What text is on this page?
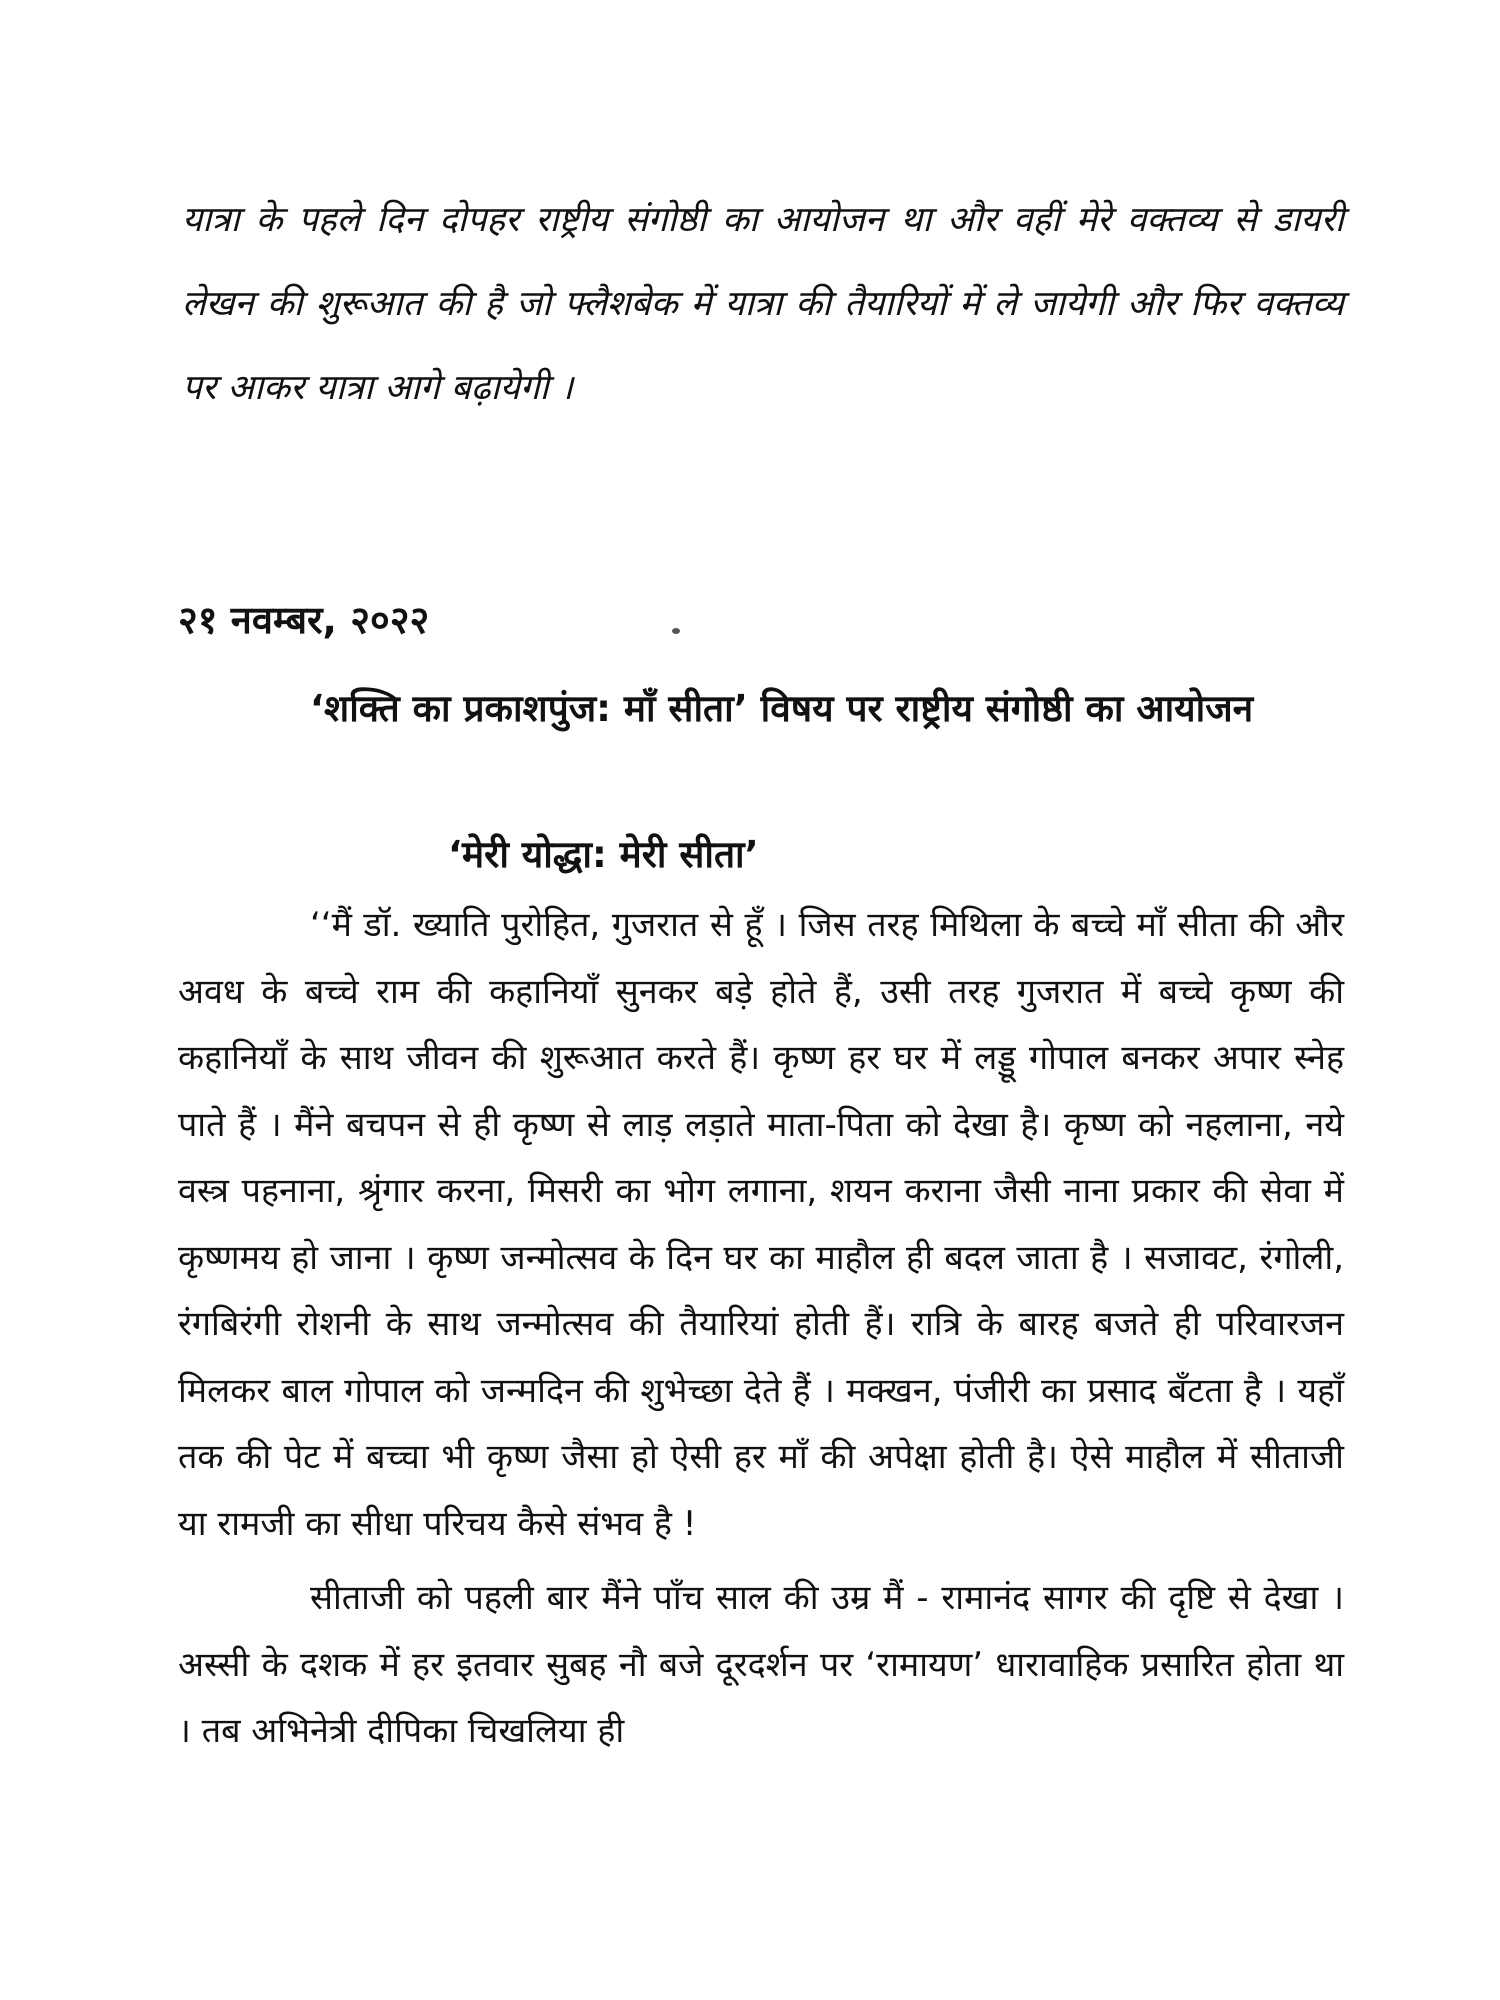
यात्रा के पहले दिन दोपहर राष्ट्रीय संगोष्ठी का आयोजन था और वहीं मेरे वक्तव्य से डायरी लेखन की शुरूआत की है जो फ्लैशबेक में यात्रा की तैयारियों में ले जायेगी और फिर वक्तव्य पर आकर यात्रा आगे बढ़ायेगी ।
२१ नवम्बर, २०२२
‘शक्ति का प्रकाशपुंज: माँ सीता’ विषय पर राष्ट्रीय संगोष्ठी का आयोजन
‘मेरी योद्धा: मेरी सीता’

‘‘मैं डॉ. ख्याति पुरोहित, गुजरात से हूँ । जिस तरह मिथिला के बच्चे माँ सीता की और अवध के बच्चे राम की कहानियाँ सुनकर बड़े होते हैं, उसी तरह गुजरात में बच्चे कृष्ण की कहानियाँ के साथ जीवन की शुरूआत करते हैं। कृष्ण हर घर में लड्डू गोपाल बनकर अपार स्नेह पाते हैं । मैंने बचपन से ही कृष्ण से लाड़ लड़ाते माता-पिता को देखा है। कृष्ण को नहलाना, नये वस्त्र पहनाना, श्रृंगार करना, मिसरी का भोग लगाना, शयन कराना जैसी नाना प्रकार की सेवा में कृष्णमय हो जाना । कृष्ण जन्मोत्सव के दिन घर का माहौल ही बदल जाता है । सजावट, रंगोली, रंगबिरंगी रोशनी के साथ जन्मोत्सव की तैयारियां होती हैं। रात्रि के बारह बजते ही परिवारजन मिलकर बाल गोपाल को जन्मदिन की शुभेच्छा देते हैं । मक्खन, पंजीरी का प्रसाद बँटता है । यहाँ तक की पेट में बच्चा भी कृष्ण जैसा हो ऐसी हर माँ की अपेक्षा होती है। ऐसे माहौल में सीताजी या रामजी का सीधा परिचय कैसे संभव है !

सीताजी को पहली बार मैंने पाँच साल की उम्र मैं - रामानंद सागर की दृष्टि से देखा । अस्सी के दशक में हर इतवार सुबह नौ बजे दूरदर्शन पर ‘रामायण’ धारावाहिक प्रसारित होता था । तब अभिनेत्री दीपिका चिखलिया ही
